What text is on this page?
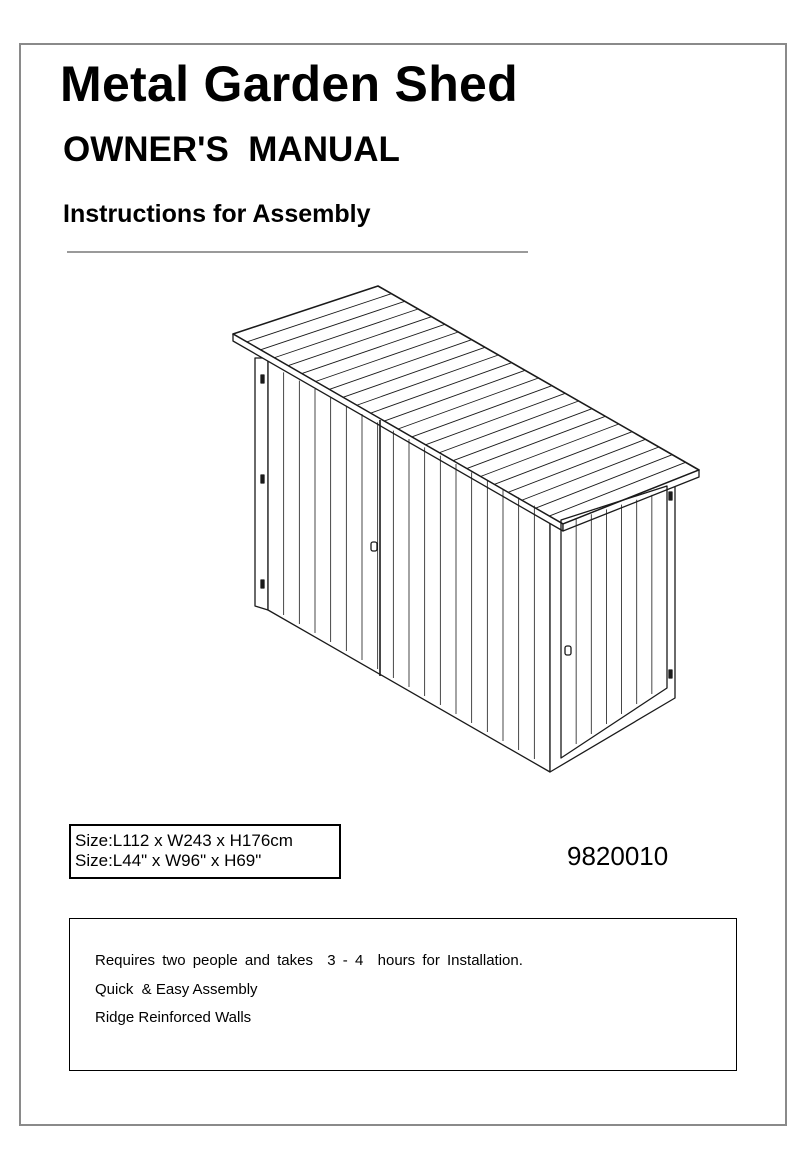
Metal Garden Shed
OWNER'S  MANUAL
Instructions for Assembly
Size:L112 x W243 x H176cm
Size:L44" x W96" x H69"	9820010
Requires two people and takes  3 - 4  hours for Installation.
Quick  & Easy Assembly
Ridge Reinforced Walls
